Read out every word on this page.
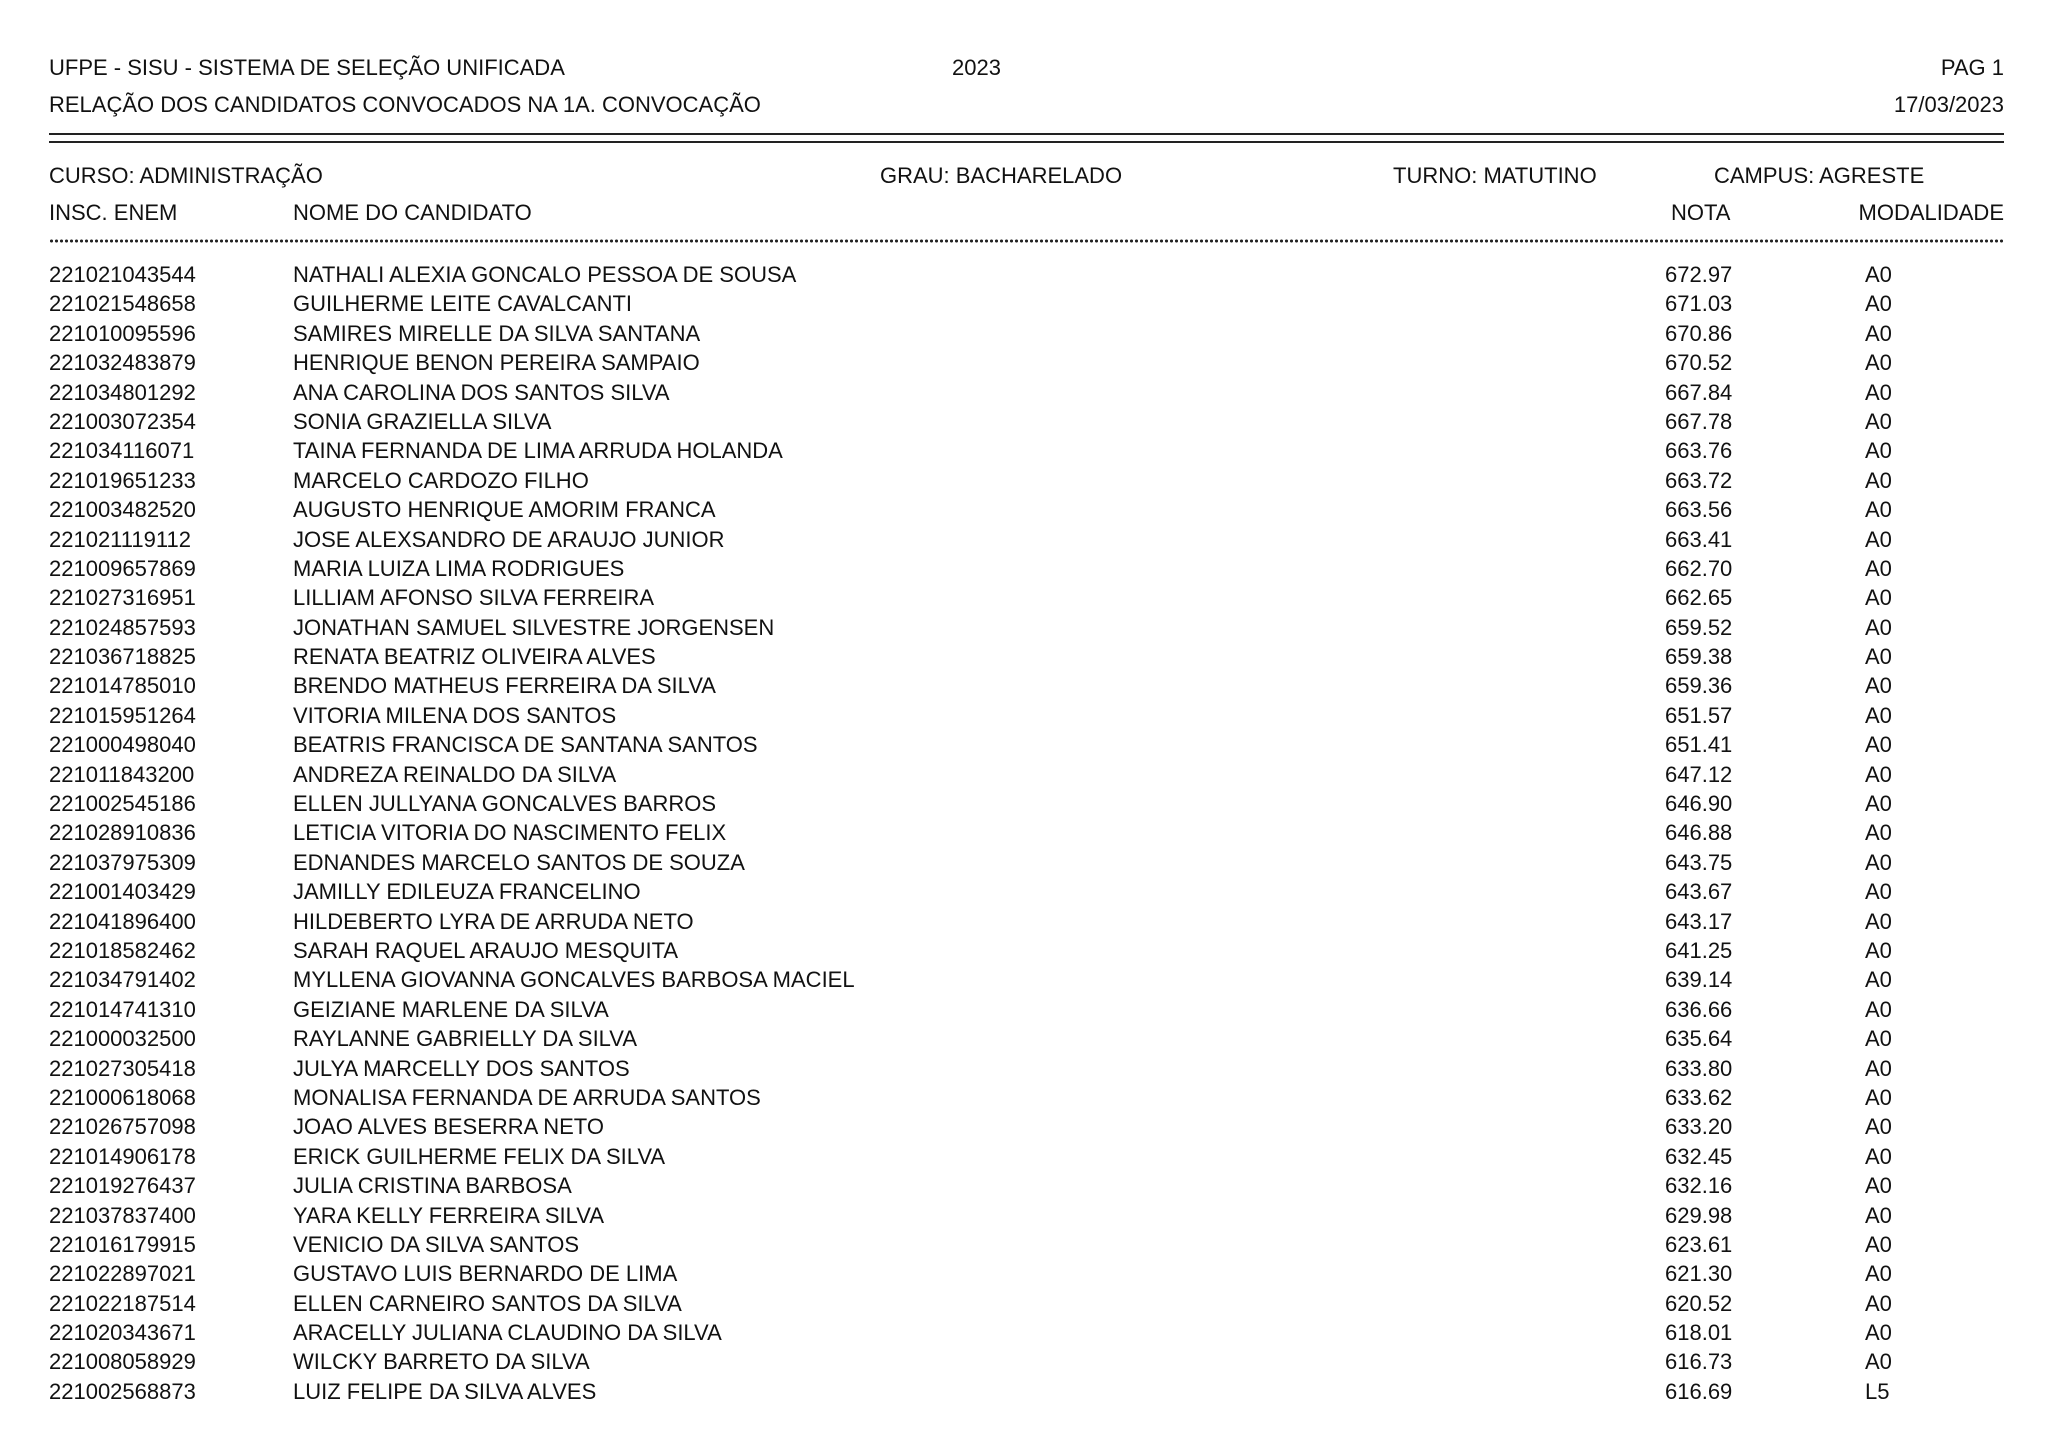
UFPE - SISU - SISTEMA DE SELEÇÃO UNIFICADA	2023	PAG 1
RELAÇÃO DOS CANDIDATOS CONVOCADOS NA 1A. CONVOCAÇÃO	17/03/2023
CURSO: ADMINISTRAÇÃO	GRAU: BACHARELADO	TURNO: MATUTINO	CAMPUS: AGRESTE
INSC. ENEM	NOME DO CANDIDATO	NOTA	MODALIDADE
221021043544	NATHALI ALEXIA GONCALO PESSOA DE SOUSA	672.97	A0
221021548658	GUILHERME LEITE CAVALCANTI	671.03	A0
221010095596	SAMIRES MIRELLE DA SILVA SANTANA	670.86	A0
221032483879	HENRIQUE BENON PEREIRA SAMPAIO	670.52	A0
221034801292	ANA CAROLINA DOS SANTOS SILVA	667.84	A0
221003072354	SONIA GRAZIELLA SILVA	667.78	A0
221034116071	TAINA FERNANDA DE LIMA ARRUDA HOLANDA	663.76	A0
221019651233	MARCELO CARDOZO FILHO	663.72	A0
221003482520	AUGUSTO HENRIQUE AMORIM FRANCA	663.56	A0
221021119112	JOSE ALEXSANDRO DE ARAUJO JUNIOR	663.41	A0
221009657869	MARIA LUIZA LIMA RODRIGUES	662.70	A0
221027316951	LILLIAM AFONSO SILVA FERREIRA	662.65	A0
221024857593	JONATHAN SAMUEL SILVESTRE JORGENSEN	659.52	A0
221036718825	RENATA BEATRIZ OLIVEIRA ALVES	659.38	A0
221014785010	BRENDO MATHEUS FERREIRA DA SILVA	659.36	A0
221015951264	VITORIA MILENA DOS SANTOS	651.57	A0
221000498040	BEATRIS FRANCISCA DE SANTANA SANTOS	651.41	A0
221011843200	ANDREZA REINALDO DA SILVA	647.12	A0
221002545186	ELLEN JULLYANA GONCALVES BARROS	646.90	A0
221028910836	LETICIA VITORIA DO NASCIMENTO FELIX	646.88	A0
221037975309	EDNANDES MARCELO SANTOS DE SOUZA	643.75	A0
221001403429	JAMILLY EDILEUZA FRANCELINO	643.67	A0
221041896400	HILDEBERTO LYRA DE ARRUDA NETO	643.17	A0
221018582462	SARAH RAQUEL ARAUJO MESQUITA	641.25	A0
221034791402	MYLLENA GIOVANNA GONCALVES BARBOSA MACIEL	639.14	A0
221014741310	GEIZIANE MARLENE DA SILVA	636.66	A0
221000032500	RAYLANNE GABRIELLY DA SILVA	635.64	A0
221027305418	JULYA MARCELLY DOS SANTOS	633.80	A0
221000618068	MONALISA FERNANDA DE ARRUDA SANTOS	633.62	A0
221026757098	JOAO ALVES BESERRA NETO	633.20	A0
221014906178	ERICK GUILHERME FELIX DA SILVA	632.45	A0
221019276437	JULIA CRISTINA BARBOSA	632.16	A0
221037837400	YARA KELLY FERREIRA SILVA	629.98	A0
221016179915	VENICIO DA SILVA SANTOS	623.61	A0
221022897021	GUSTAVO LUIS BERNARDO DE LIMA	621.30	A0
221022187514	ELLEN CARNEIRO SANTOS DA SILVA	620.52	A0
221020343671	ARACELLY JULIANA CLAUDINO DA SILVA	618.01	A0
221008058929	WILCKY BARRETO DA SILVA	616.73	A0
221002568873	LUIZ FELIPE DA SILVA ALVES	616.69	L5
